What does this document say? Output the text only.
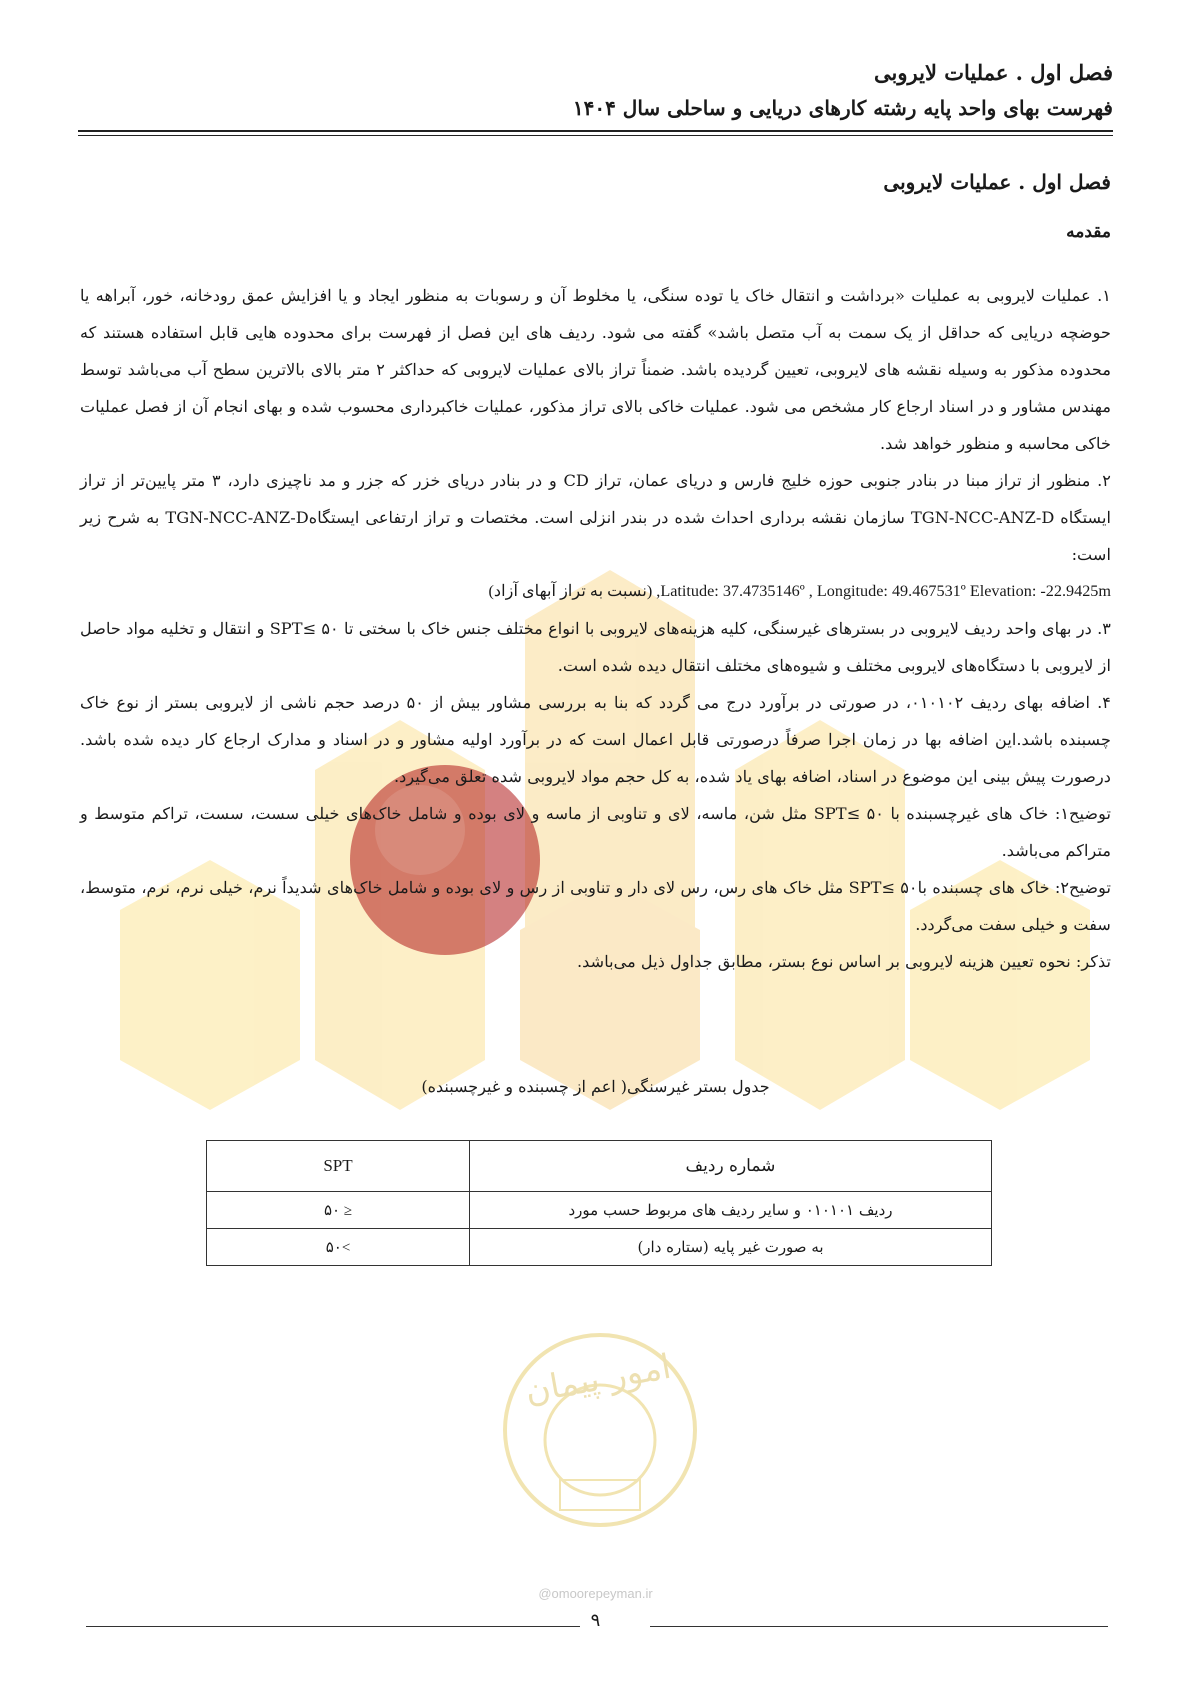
امور پیمان
فصل اول . عملیات لایروبی
فهرست بهای واحد پایه رشته کارهای دریایی و ساحلی سال ۱۴۰۴
فصل اول . عملیات لایروبی
مقدمه

۱. عملیات لایروبی به عملیات «برداشت و انتقال خاک یا توده سنگی، یا مخلوط آن و رسوبات به منظور ایجاد و یا افزایش عمق رودخانه، خور، آبراهه یا حوضچه دریایی که حداقل از یک سمت به آب متصل باشد» گفته می شود. ردیف های این فصل از فهرست برای محدوده هایی قابل استفاده هستند که محدوده مذکور به وسیله نقشه های لایروبی، تعیین گردیده باشد. ضمناً تراز بالای عملیات لایروبی که حداکثر ۲ متر بالای بالاترین سطح آب می‌باشد توسط مهندس مشاور و در اسناد ارجاع کار مشخص می شود. عملیات خاکی بالای تراز مذکور، عملیات خاکبرداری محسوب شده و بهای انجام آن از فصل عملیات خاکی محاسبه و منظور خواهد شد.

۲. منظور از تراز مبنا در بنادر جنوبی حوزه خلیج فارس و دریای عمان، تراز CD و در بنادر دریای خزر که جزر و مد ناچیزی دارد، ۳ متر پایین‌تر از تراز ایستگاه TGN-NCC-ANZ-D سازمان نقشه برداری احداث شده در بندر انزلی است. مختصات و تراز ارتفاعی ایستگاهTGN-NCC-ANZ-D به شرح زیر است:

Latitude: 37.4735146º , Longitude: 49.467531º Elevation: -22.9425m, (نسبت به تراز آبهای آزاد)

۳. در بهای واحد ردیف لایروبی در بسترهای غیرسنگی، کلیه هزینه‌های لایروبی با انواع مختلف جنس خاک با سختی تا ۵۰ ≥SPT و انتقال و تخلیه مواد حاصل از لایروبی با دستگاه‌های لایروبی مختلف و شیوه‌های مختلف انتقال دیده شده است.

۴. اضافه بهای ردیف ۰۱۰۱۰۲، در صورتی در برآورد درج می گردد که بنا به بررسی مشاور بیش از ۵۰ درصد حجم ناشی از لایروبی بستر از نوع خاک چسبنده باشد.این اضافه بها در زمان اجرا صرفاً درصورتی قابل اعمال است که در برآورد اولیه مشاور و در اسناد و مدارک ارجاع کار دیده شده باشد. درصورت پیش بینی این موضوع در اسناد، اضافه بهای یاد شده، به کل حجم مواد لایروبی شده تعلق می‌گیرد.

توضیح۱: خاک های غیرچسبنده با ۵۰ ≥SPT مثل شن، ماسه، لای و تناوبی از ماسه و لای بوده و شامل خاک‌های خیلی سست، سست، تراکم متوسط و متراکم می‌باشد.

توضیح۲: خاک های چسبنده با۵۰ ≥SPT مثل خاک های رس، رس لای دار و تناوبی از رس و لای بوده و شامل خاک‌های شدیداً نرم، خیلی نرم، نرم، متوسط، سفت و خیلی سفت می‌گردد.

تذکر: نحوه تعیین هزینه لایروبی بر اساس نوع بستر، مطابق جداول ذیل می‌باشد.

جدول بستر غیرسنگی( اعم از چسبنده و غیرچسبنده)
شماره ردیف	SPT
ردیف ۰۱۰۱۰۱ و سایر ردیف های مربوط حسب مورد	≤ ۵۰
به صورت غیر پایه (ستاره دار)	>۵۰
@omoorepeyman.ir
۹
